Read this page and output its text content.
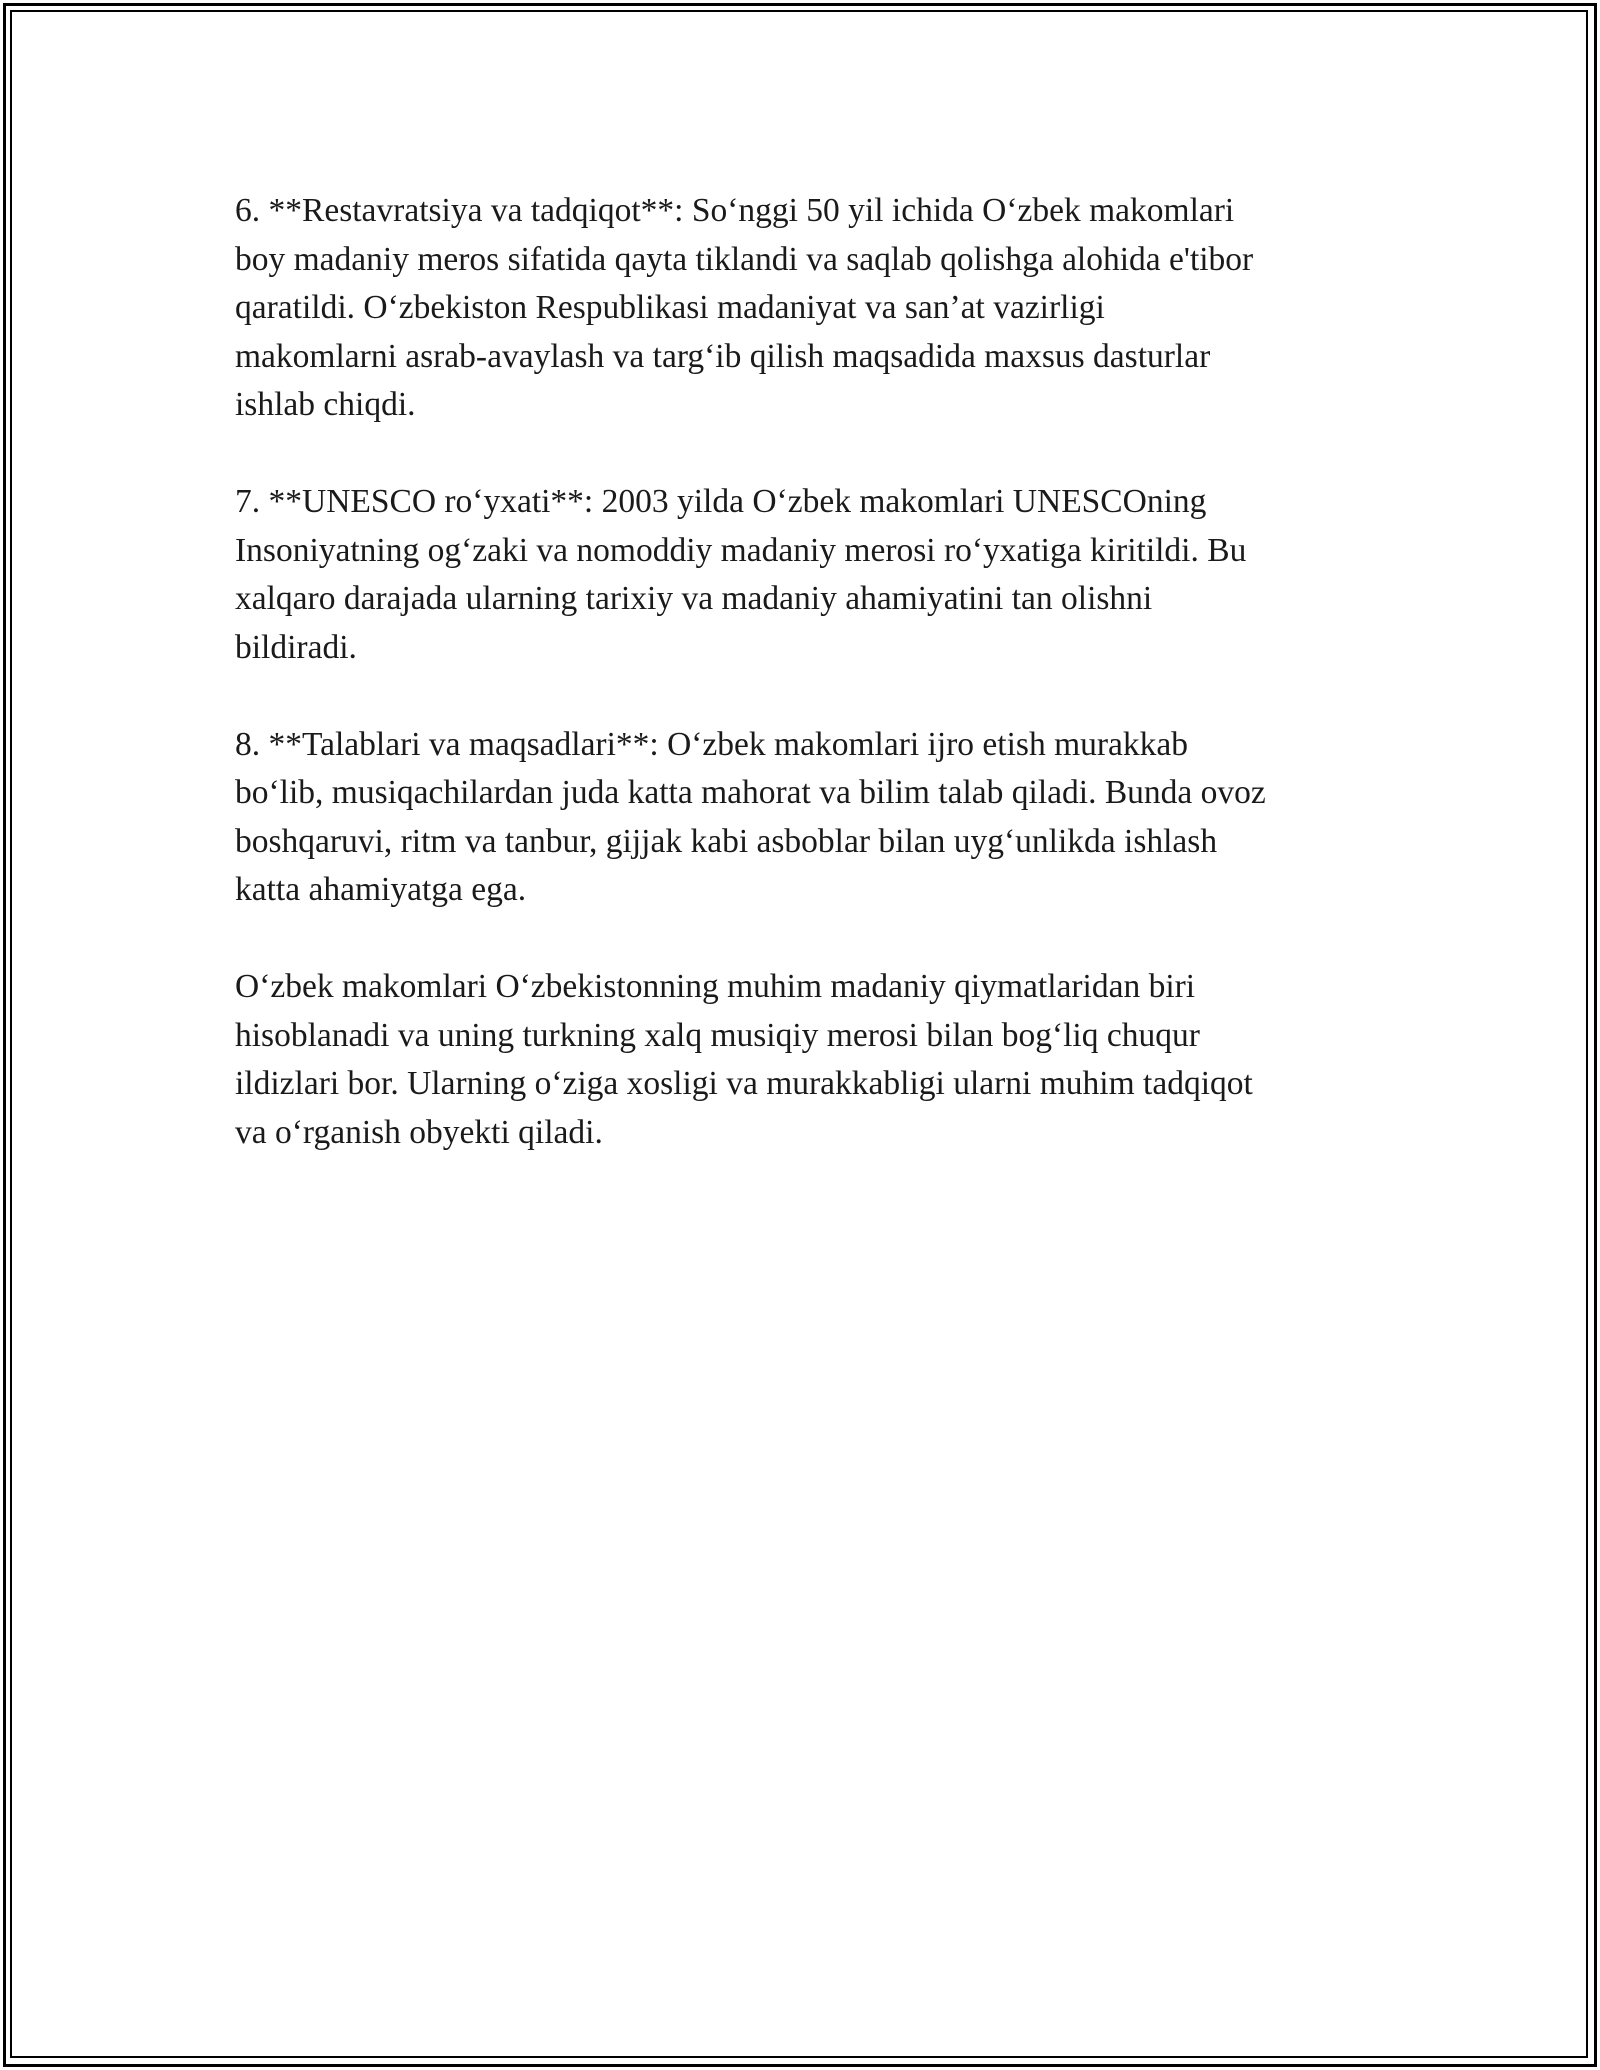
6. **Restavratsiya va tadqiqot**: So‘nggi 50 yil ichida O‘zbek makomlari
boy madaniy meros sifatida qayta tiklandi va saqlab qolishga alohida e'tibor
qaratildi. O‘zbekiston Respublikasi madaniyat va san’at vazirligi
makomlarni asrab-avaylash va targ‘ib qilish maqsadida maxsus dasturlar
ishlab chiqdi.

7. **UNESCO ro‘yxati**: 2003 yilda O‘zbek makomlari UNESCOning
Insoniyatning og‘zaki va nomoddiy madaniy merosi ro‘yxatiga kiritildi. Bu
xalqaro darajada ularning tarixiy va madaniy ahamiyatini tan olishni
bildiradi.

8. **Talablari va maqsadlari**: O‘zbek makomlari ijro etish murakkab
bo‘lib, musiqachilardan juda katta mahorat va bilim talab qiladi. Bunda ovoz
boshqaruvi, ritm va tanbur, gijjak kabi asboblar bilan uyg‘unlikda ishlash
katta ahamiyatga ega.

O‘zbek makomlari O‘zbekistonning muhim madaniy qiymatlaridan biri
hisoblanadi va uning turkning xalq musiqiy merosi bilan bog‘liq chuqur
ildizlari bor. Ularning o‘ziga xosligi va murakkabligi ularni muhim tadqiqot
va o‘rganish obyekti qiladi.
